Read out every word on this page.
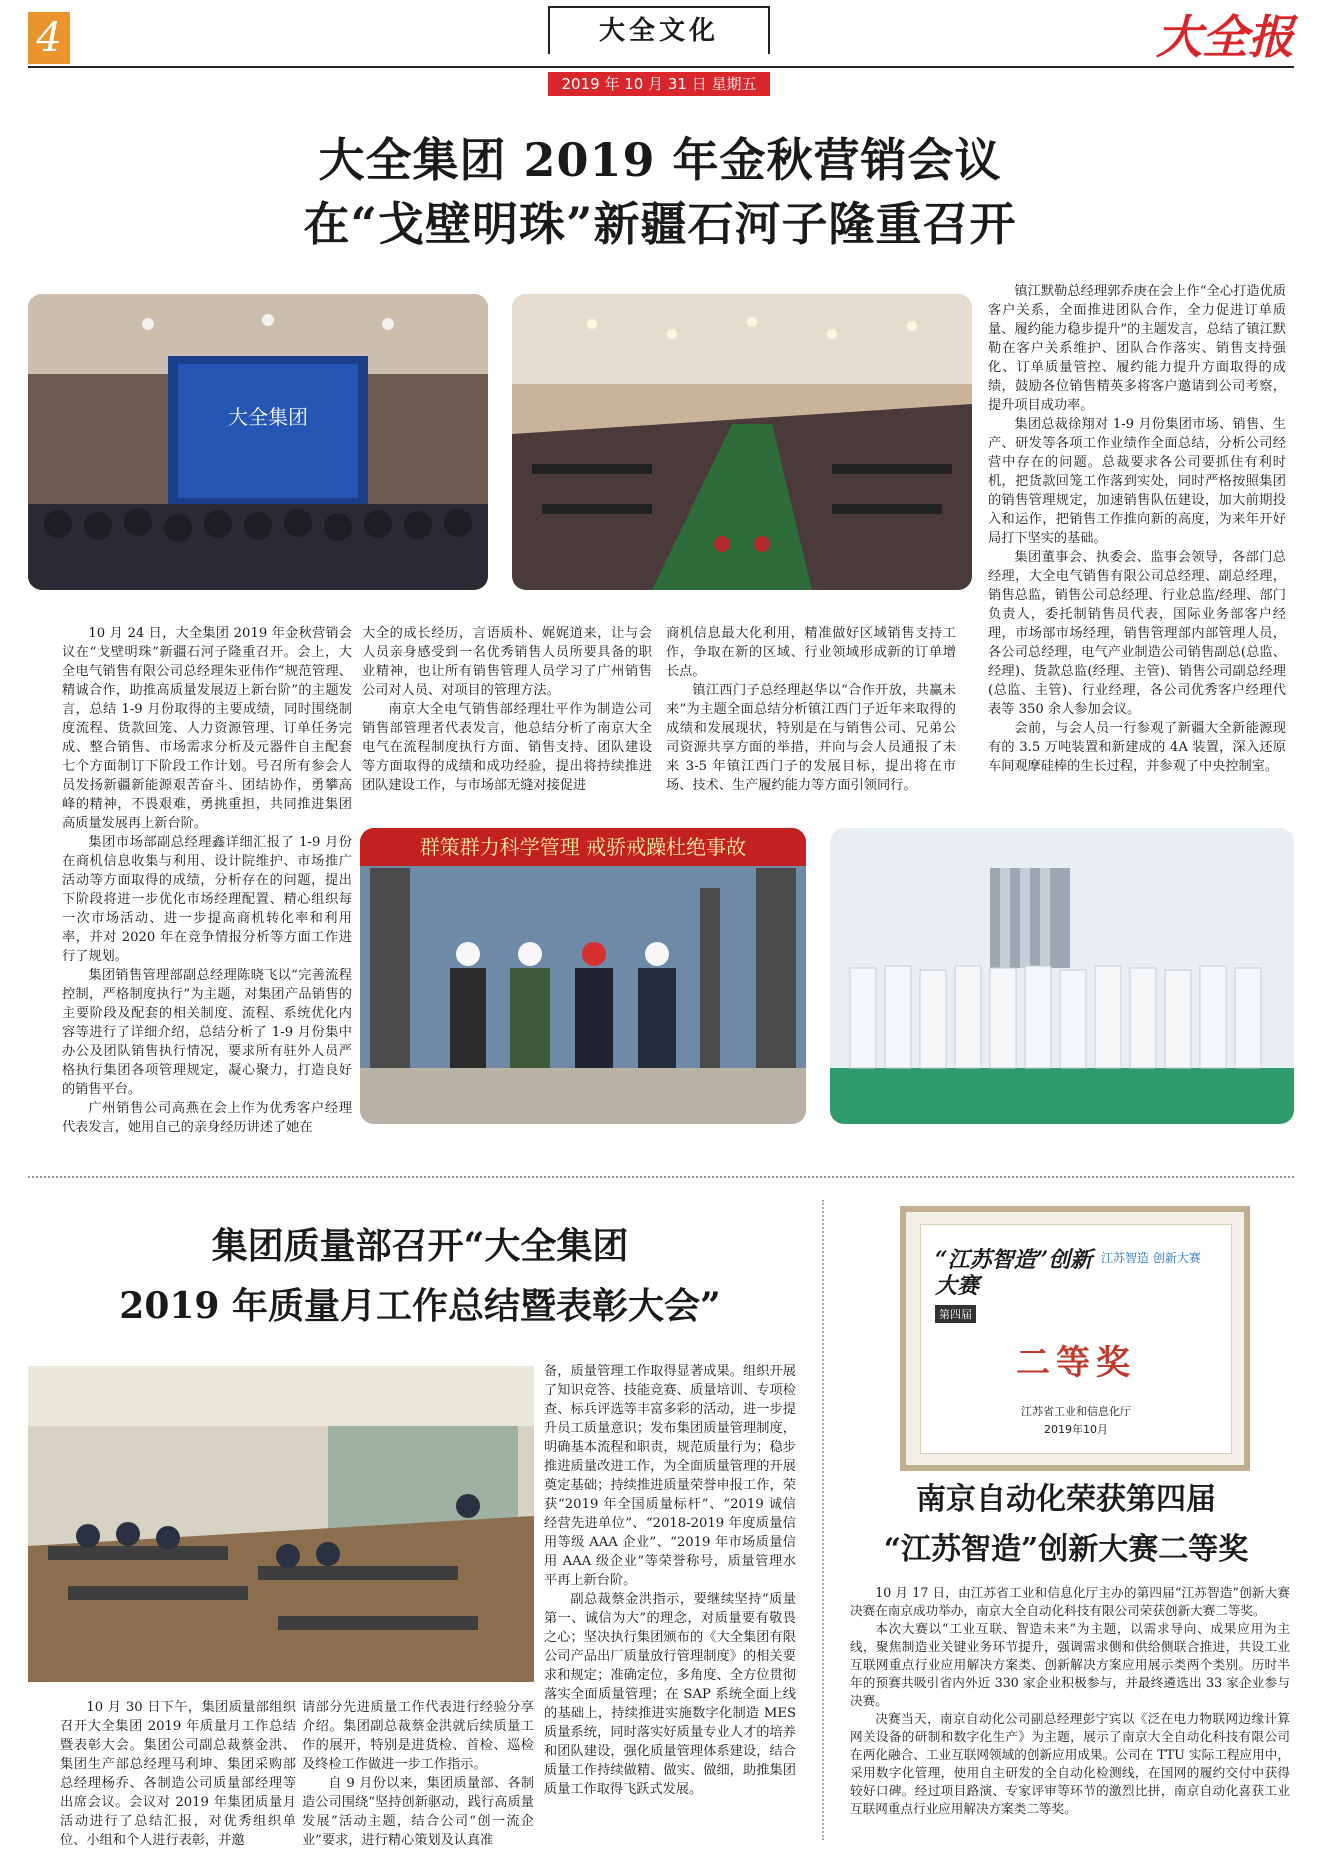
4	大全文化
2019 年 10 月 31 日 星期五
大全报
大全集团 2019 年金秋营销会议
在“戈壁明珠”新疆石河子隆重召开
大全集团

10 月 24 日，大全集团 2019 年金秋营销会议在“戈壁明珠”新疆石河子隆重召开。会上，大全电气销售有限公司总经理朱亚伟作“规范管理、精诚合作，助推高质量发展迈上新台阶”的主题发言，总结 1-9 月份取得的主要成绩，同时围绕制度流程、货款回笼、人力资源管理、订单任务完成、整合销售、市场需求分析及元器件自主配套七个方面制订下阶段工作计划。号召所有参会人员发扬新疆新能源艰苦奋斗、团结协作，勇攀高峰的精神，不畏艰难，勇挑重担，共同推进集团高质量发展再上新台阶。

集团市场部副总经理鑫详细汇报了 1-9 月份在商机信息收集与利用、设计院维护、市场推广活动等方面取得的成绩，分析存在的问题，提出下阶段将进一步优化市场经理配置、精心组织每一次市场活动、进一步提高商机转化率和利用率，并对 2020 年在竞争情报分析等方面工作进行了规划。

集团销售管理部副总经理陈晓飞以“完善流程控制，严格制度执行”为主题，对集团产品销售的主要阶段及配套的相关制度、流程、系统优化内容等进行了详细介绍，总结分析了 1-9 月份集中办公及团队销售执行情况，要求所有驻外人员严格执行集团各项管理规定，凝心聚力，打造良好的销售平台。

广州销售公司高燕在会上作为优秀客户经理代表发言，她用自己的亲身经历讲述了她在

大全的成长经历，言语质朴、娓娓道来，让与会人员亲身感受到一名优秀销售人员所要具备的职业精神，也让所有销售管理人员学习了广州销售公司对人员、对项目的管理方法。

南京大全电气销售部经理壮平作为制造公司销售部管理者代表发言，他总结分析了南京大全电气在流程制度执行方面、销售支持、团队建设等方面取得的成绩和成功经验，提出将持续推进团队建设工作，与市场部无缝对接促进

商机信息最大化利用，精准做好区域销售支持工作，争取在新的区域、行业领域形成新的订单增长点。

镇江西门子总经理赵华以“合作开放，共赢未来”为主题全面总结分析镇江西门子近年来取得的成绩和发展现状，特别是在与销售公司、兄弟公司资源共享方面的举措，并向与会人员通报了未来 3-5 年镇江西门子的发展目标，提出将在市场、技术、生产履约能力等方面引领同行。

镇江默勒总经理郭乔庚在会上作“全心打造优质客户关系，全面推进团队合作，全力促进订单质量、履约能力稳步提升”的主题发言，总结了镇江默勒在客户关系维护、团队合作落实、销售支持强化、订单质量管控、履约能力提升方面取得的成绩，鼓励各位销售精英多将客户邀请到公司考察，提升项目成功率。

集团总裁徐翔对 1-9 月份集团市场、销售、生产、研发等各项工作业绩作全面总结，分析公司经营中存在的问题。总裁要求各公司要抓住有利时机，把货款回笼工作落到实处，同时严格按照集团的销售管理规定，加速销售队伍建设，加大前期投入和运作，把销售工作推向新的高度，为来年开好局打下坚实的基础。

集团董事会、执委会、监事会领导，各部门总经理，大全电气销售有限公司总经理、副总经理，销售总监，销售公司总经理、行业总监/经理、部门负责人，委托制销售员代表，国际业务部客户经理，市场部市场经理，销售管理部内部管理人员，各公司总经理，电气产业制造公司销售副总(总监、经理)、货款总监(经理、主管)、销售公司副总经理(总监、主管)、行业经理，各公司优秀客户经理代表等 350 余人参加会议。

会前，与会人员一行参观了新疆大全新能源现有的 3.5 万吨装置和新建成的 4A 装置，深入还原车间观摩硅棒的生长过程，并参观了中央控制室。

群策群力科学管理 戒骄戒躁杜绝事故
集团质量部召开“大全集团
2019 年质量月工作总结暨表彰大会”

10 月 30 日下午，集团质量部组织召开大全集团 2019 年质量月工作总结暨表彰大会。集团公司副总裁蔡金洪、集团生产部总经理马利坤、集团采购部总经理杨乔、各制造公司质量部经理等出席会议。会议对 2019 年集团质量月活动进行了总结汇报，对优秀组织单位、小组和个人进行表彰，并邀

请部分先进质量工作代表进行经验分享介绍。集团副总裁蔡金洪就后续质量工作的展开，特别是进货检、首检、巡检及终检工作做进一步工作指示。

自 9 月份以来，集团质量部、各制造公司围绕“坚持创新驱动，践行高质量发展”活动主题，结合公司“创一流企业”要求，进行精心策划及认真准

备，质量管理工作取得显著成果。组织开展了知识竞答、技能竞赛、质量培训、专项检查、标兵评选等丰富多彩的活动，进一步提升员工质量意识；发布集团质量管理制度，明确基本流程和职责，规范质量行为；稳步推进质量改进工作，为全面质量管理的开展奠定基础；持续推进质量荣誉申报工作，荣获“2019 年全国质量标杆”、“2019 诚信经营先进单位”、“2018-2019 年度质量信用等级 AAA 企业”、“2019 年市场质量信用 AAA 级企业”等荣誉称号，质量管理水平再上新台阶。

副总裁蔡金洪指示，要继续坚持“质量第一、诚信为大”的理念，对质量要有敬畏之心；坚决执行集团颁布的《大全集团有限公司产品出厂质量放行管理制度》的相关要求和规定；准确定位，多角度、全方位贯彻落实全面质量管理；在 SAP 系统全面上线的基础上，持续推进实施数字化制造 MES 质量系统，同时落实好质量专业人才的培养和团队建设，强化质量管理体系建设，结合质量工作持续做精、做实、做细，助推集团质量工作取得飞跃式发展。

“江苏智造”创新大赛
第四届
江苏智造 创新大赛
二等奖
江苏省工业和信息化厅
2019年10月
南京自动化荣获第四届
“江苏智造”创新大赛二等奖

10 月 17 日，由江苏省工业和信息化厅主办的第四届“江苏智造”创新大赛决赛在南京成功举办，南京大全自动化科技有限公司荣获创新大赛二等奖。

本次大赛以“工业互联、智造未来”为主题，以需求导向、成果应用为主线，聚焦制造业关键业务环节提升，强调需求侧和供给侧联合推进，共设工业互联网重点行业应用解决方案类、创新解决方案应用展示类两个类别。历时半年的预赛共吸引省内外近 330 家企业积极参与，并最终遴选出 33 家企业参与决赛。

决赛当天，南京自动化公司副总经理彭宁宾以《泛在电力物联网边缘计算网关设备的研制和数字化生产》为主题，展示了南京大全自动化科技有限公司在两化融合、工业互联网领域的创新应用成果。公司在 TTU 实际工程应用中，采用数字化管理，使用自主研发的全自动化检测线，在国网的履约交付中获得较好口碑。经过项目路演、专家评审等环节的激烈比拼，南京自动化喜获工业互联网重点行业应用解决方案类二等奖。
